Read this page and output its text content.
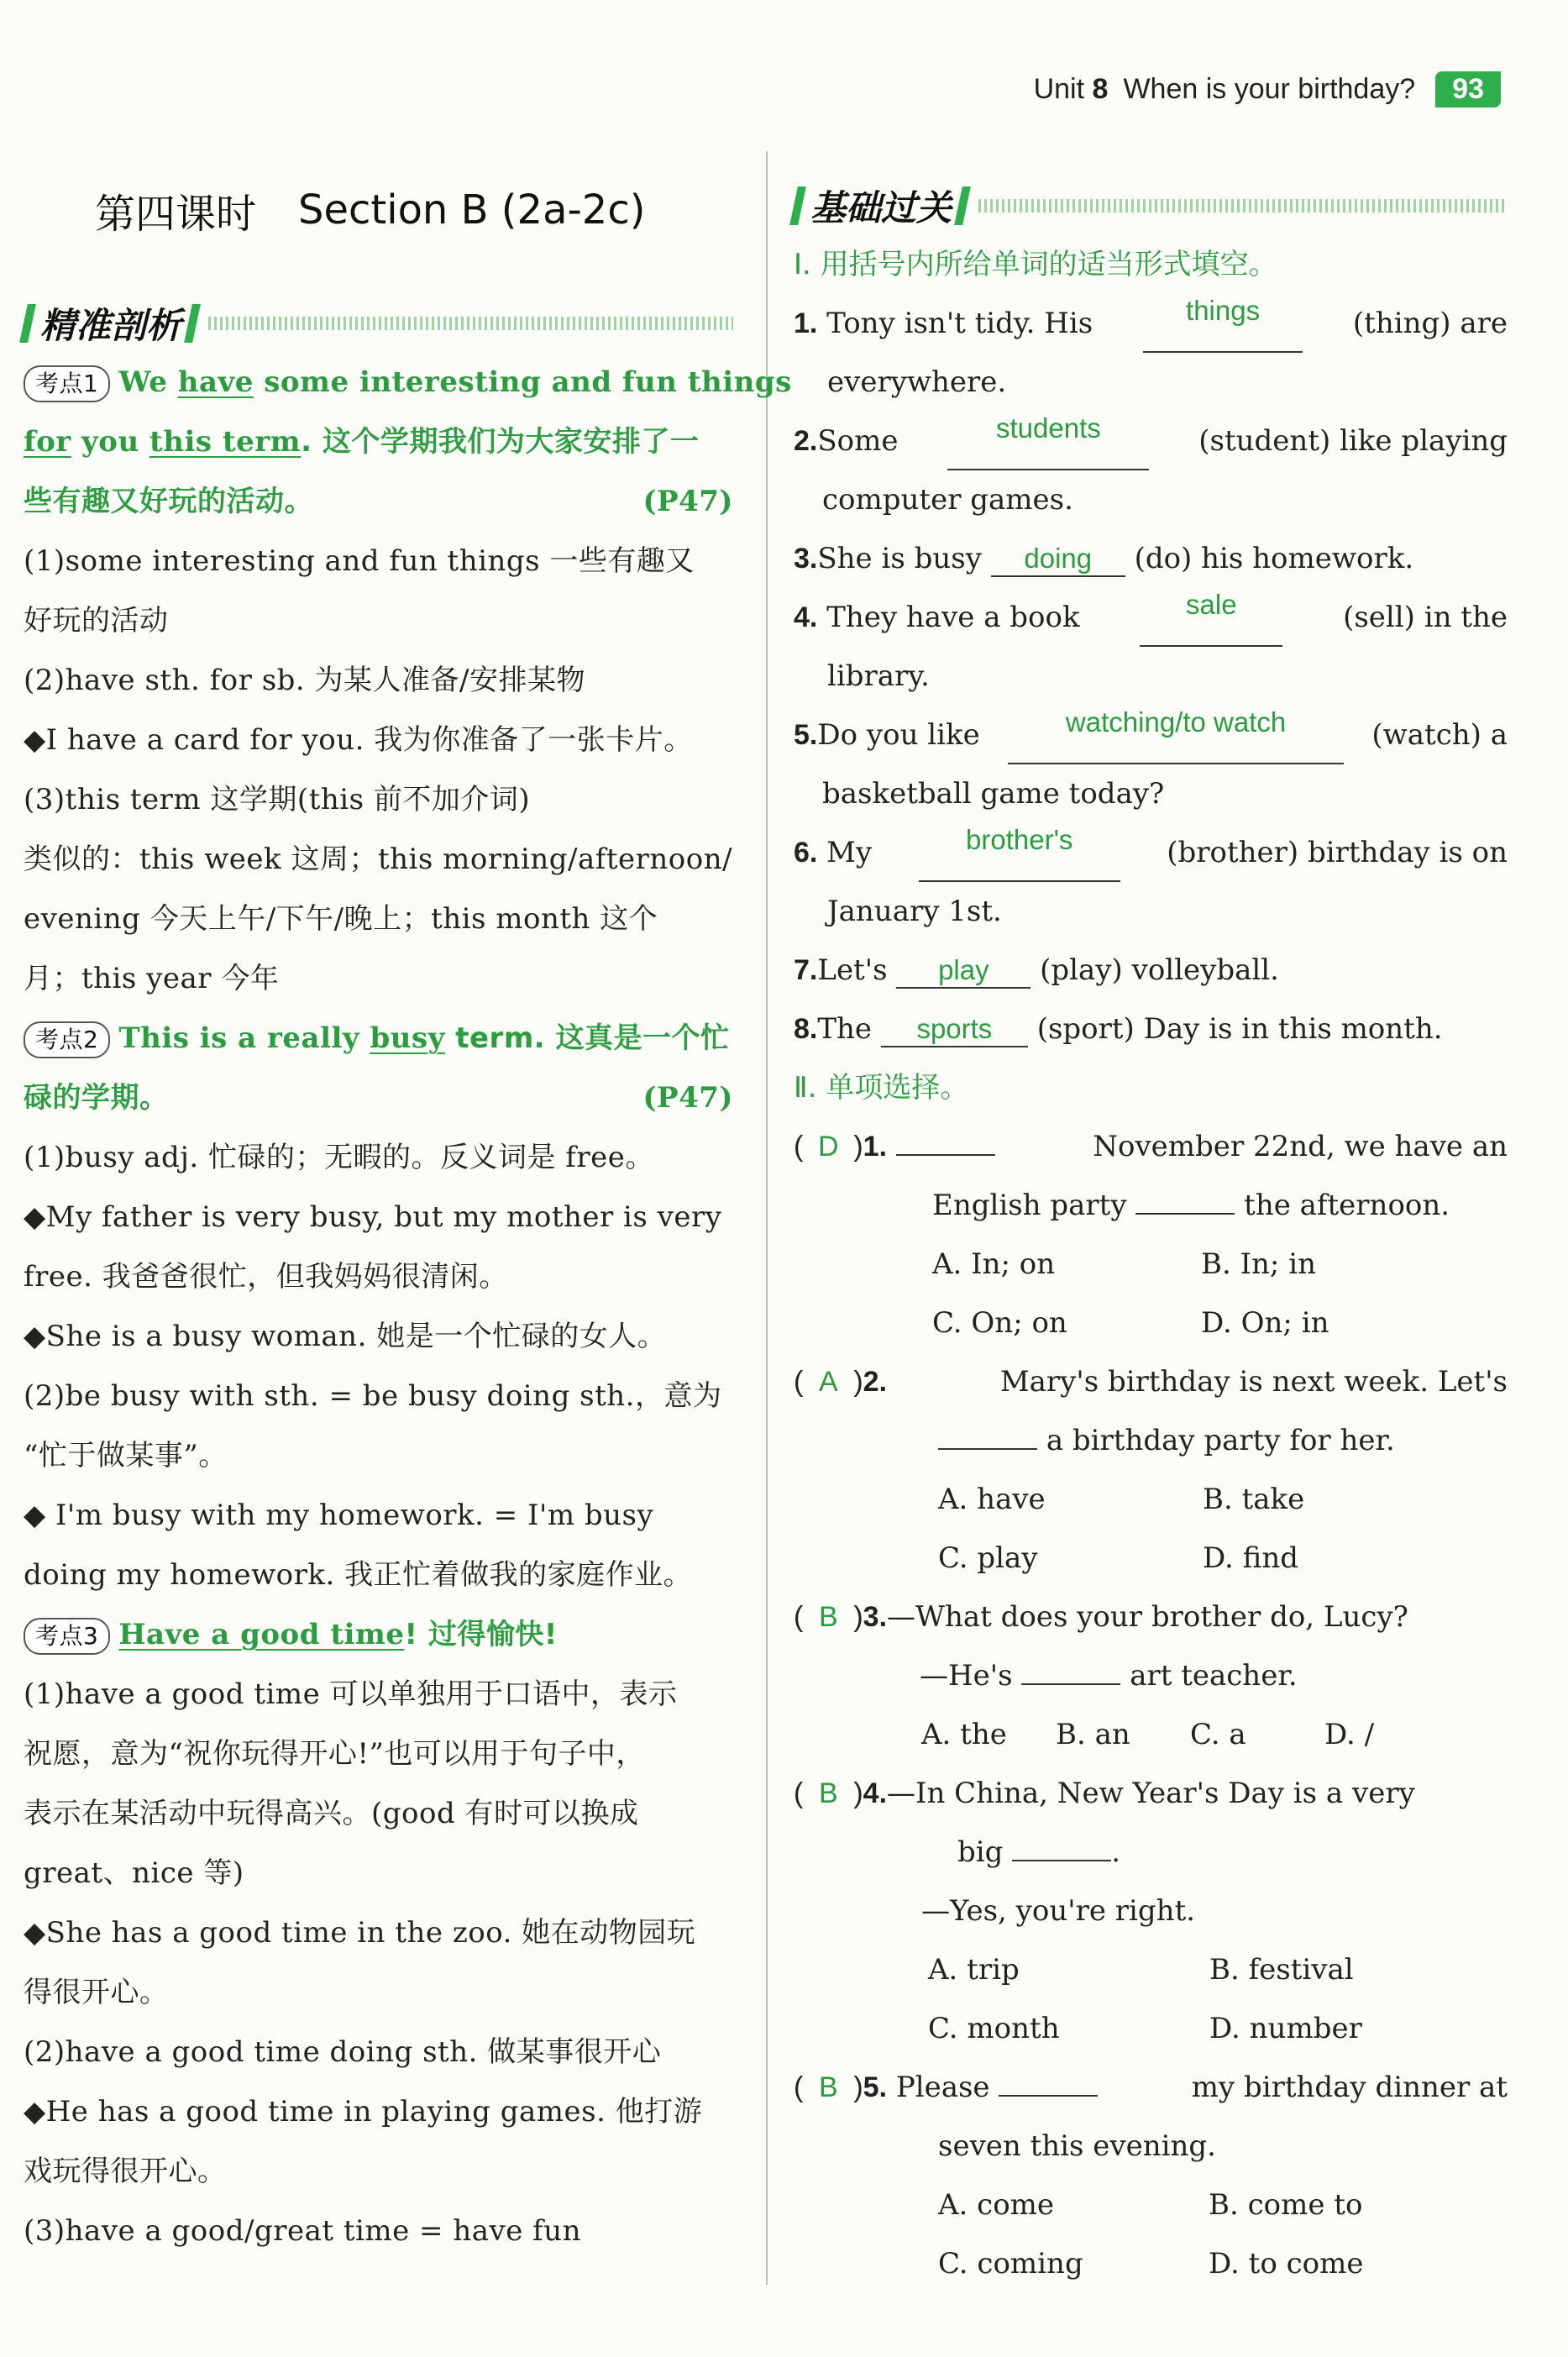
Unit 8 When is your birthday?	93
第四课时 Section B (2a-2c)
精准剖析
考点1 We have some interesting and fun things
for you this term. 这个学期我们为大家安排了一
些有趣又好玩的活动。	(P47)
(1)some interesting and fun things 一些有趣又
好玩的活动
(2)have sth. for sb. 为某人准备/安排某物
◆I have a card for you. 我为你准备了一张卡片。
(3)this term 这学期(this 前不加介词)
类似的：this week 这周；this morning/afternoon/
evening 今天上午/下午/晚上；this month 这个
月；this year 今年
考点2 This is a really busy term. 这真是一个忙
碌的学期。	(P47)
(1)busy adj. 忙碌的；无暇的。反义词是 free。
◆My father is very busy, but my mother is very
free. 我爸爸很忙，但我妈妈很清闲。
◆She is a busy woman. 她是一个忙碌的女人。
(2)be busy with sth. = be busy doing sth.，意为
“忙于做某事”。
◆ I'm busy with my homework. = I'm busy
doing my homework. 我正忙着做我的家庭作业。
考点3 Have a good time! 过得愉快!
(1)have a good time 可以单独用于口语中，表示
祝愿，意为“祝你玩得开心!”也可以用于句子中，
表示在某活动中玩得高兴。(good 有时可以换成
great、nice 等)
◆She has a good time in the zoo. 她在动物园玩
得很开心。
(2)have a good time doing sth. 做某事很开心
◆He has a good time in playing games. 他打游
戏玩得很开心。
(3)have a good/great time = have fun
基础过关
Ⅰ. 用括号内所给单词的适当形式填空。
1. Tony isn't tidy. His	things	(thing) are
everywhere.
2.Some	students	(student) like playing
computer games.
3.She is busy doing (do) his homework.
4. They have a book	sale	(sell) in the
library.
5.Do you like	watching/to watch	(watch) a
basketball game today?
6. My	brother's	(brother) birthday is on
January 1st.
7.Let's play (play) volleyball.
8.The sports (sport) Day is in this month.
Ⅱ. 单项选择。
( D )1.	November 22nd, we have an
English party	the afternoon.
A. In; on	B. In; in
C. On; on	D. On; in
( A )2.	Mary's birthday is next week. Let's
a birthday party for her.
A. have	B. take
C. play	D. find
( B )3.—What does your brother do, Lucy?
—He's	art teacher.
A. the	B. an	C. a	D. /
( B )4.—In China, New Year's Day is a very
big	.
—Yes, you're right.
A. trip	B. festival
C. month	D. number
( B )5. Please	my birthday dinner at
seven this evening.
A. come	B. come to
C. coming	D. to come
